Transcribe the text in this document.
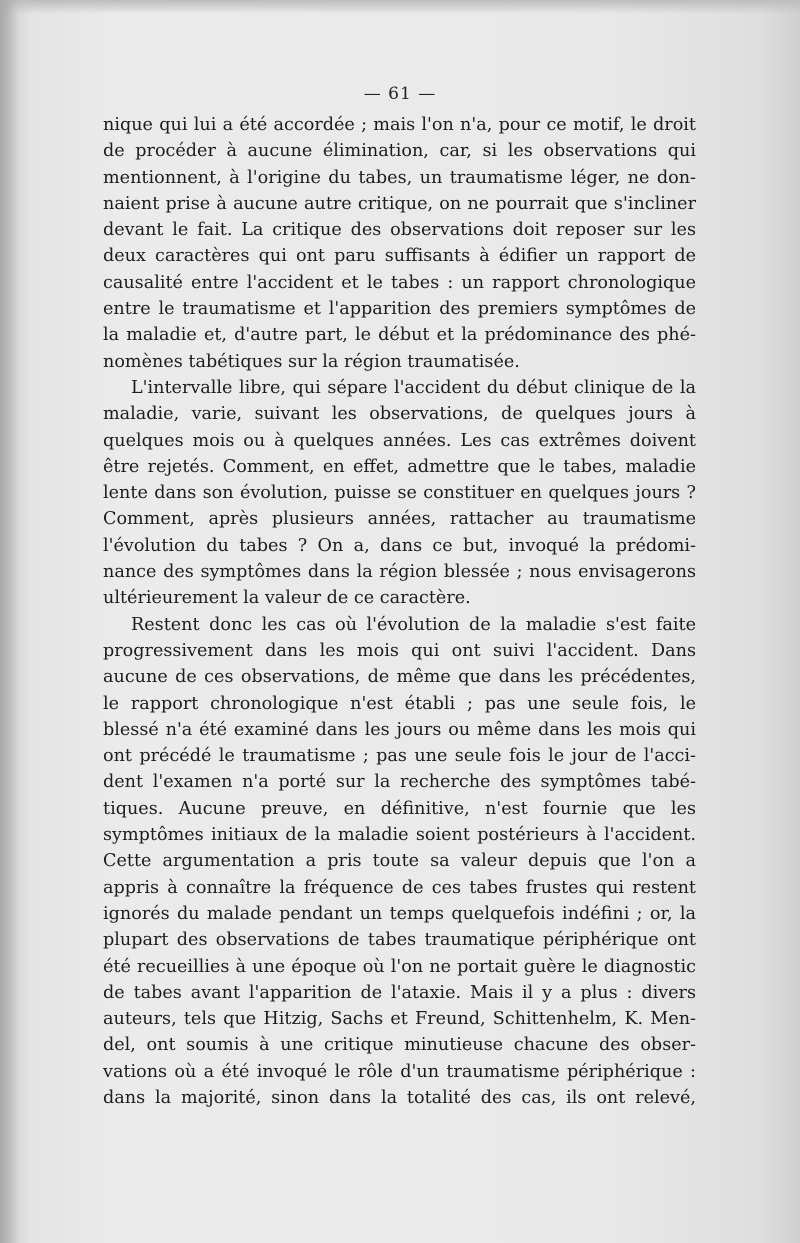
— 61 —
nique qui lui a été accordée ; mais l'on n'a, pour ce motif, le droit
de procéder à aucune élimination, car, si les observations qui
mentionnent, à l'origine du tabes, un traumatisme léger, ne don-
naient prise à aucune autre critique, on ne pourrait que s'incliner
devant le fait. La critique des observations doit reposer sur les
deux caractères qui ont paru suffisants à édifier un rapport de
causalité entre l'accident et le tabes : un rapport chronologique
entre le traumatisme et l'apparition des premiers symptômes de
la maladie et, d'autre part, le début et la prédominance des phé-
nomènes tabétiques sur la région traumatisée.
L'intervalle libre, qui sépare l'accident du début clinique de la
maladie, varie, suivant les observations, de quelques jours à
quelques mois ou à quelques années. Les cas extrêmes doivent
être rejetés. Comment, en effet, admettre que le tabes, maladie
lente dans son évolution, puisse se constituer en quelques jours ?
Comment, après plusieurs années, rattacher au traumatisme
l'évolution du tabes ? On a, dans ce but, invoqué la prédomi-
nance des symptômes dans la région blessée ; nous envisagerons
ultérieurement la valeur de ce caractère.
Restent donc les cas où l'évolution de la maladie s'est faite
progressivement dans les mois qui ont suivi l'accident. Dans
aucune de ces observations, de même que dans les précédentes,
le rapport chronologique n'est établi ; pas une seule fois, le
blessé n'a été examiné dans les jours ou même dans les mois qui
ont précédé le traumatisme ; pas une seule fois le jour de l'acci-
dent l'examen n'a porté sur la recherche des symptômes tabé-
tiques. Aucune preuve, en définitive, n'est fournie que les
symptômes initiaux de la maladie soient postérieurs à l'accident.
Cette argumentation a pris toute sa valeur depuis que l'on a
appris à connaître la fréquence de ces tabes frustes qui restent
ignorés du malade pendant un temps quelquefois indéfini ; or, la
plupart des observations de tabes traumatique périphérique ont
été recueillies à une époque où l'on ne portait guère le diagnostic
de tabes avant l'apparition de l'ataxie. Mais il y a plus : divers
auteurs, tels que Hitzig, Sachs et Freund, Schittenhelm, K. Men-
del, ont soumis à une critique minutieuse chacune des obser-
vations où a été invoqué le rôle d'un traumatisme périphérique :
dans la majorité, sinon dans la totalité des cas, ils ont relevé,
